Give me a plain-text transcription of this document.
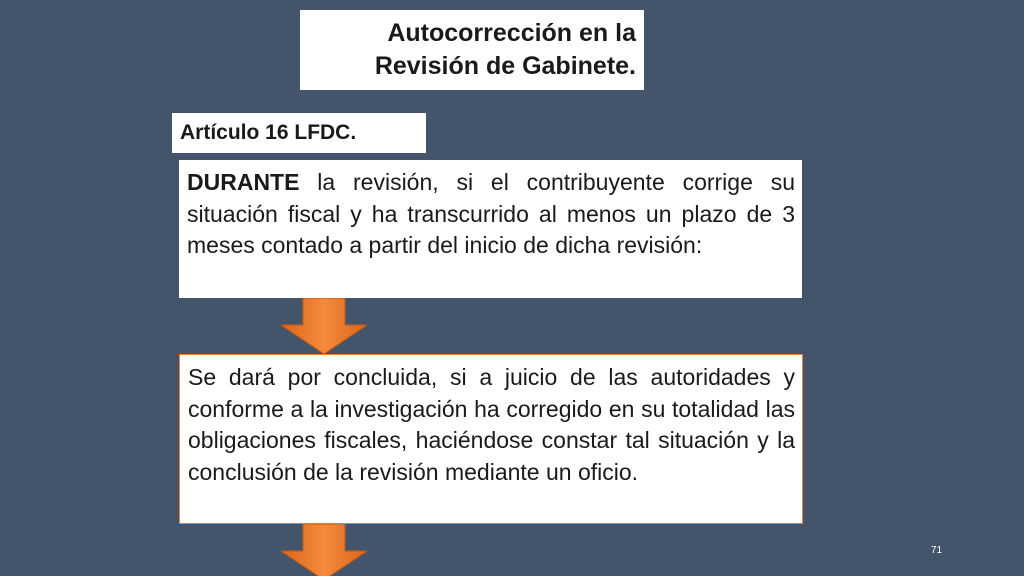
Autocorrección en la
Revisión de Gabinete.
Artículo 16 LFDC.
DURANTE la revisión, si el contribuyente corrige su situación fiscal y ha transcurrido al menos un plazo de 3 meses contado a partir del inicio de dicha revisión:
Se dará por concluida, si a juicio de las autoridades y conforme a la investigación ha corregido en su totalidad las obligaciones fiscales, haciéndose constar tal situación y la conclusión de la revisión mediante un oficio.
71
